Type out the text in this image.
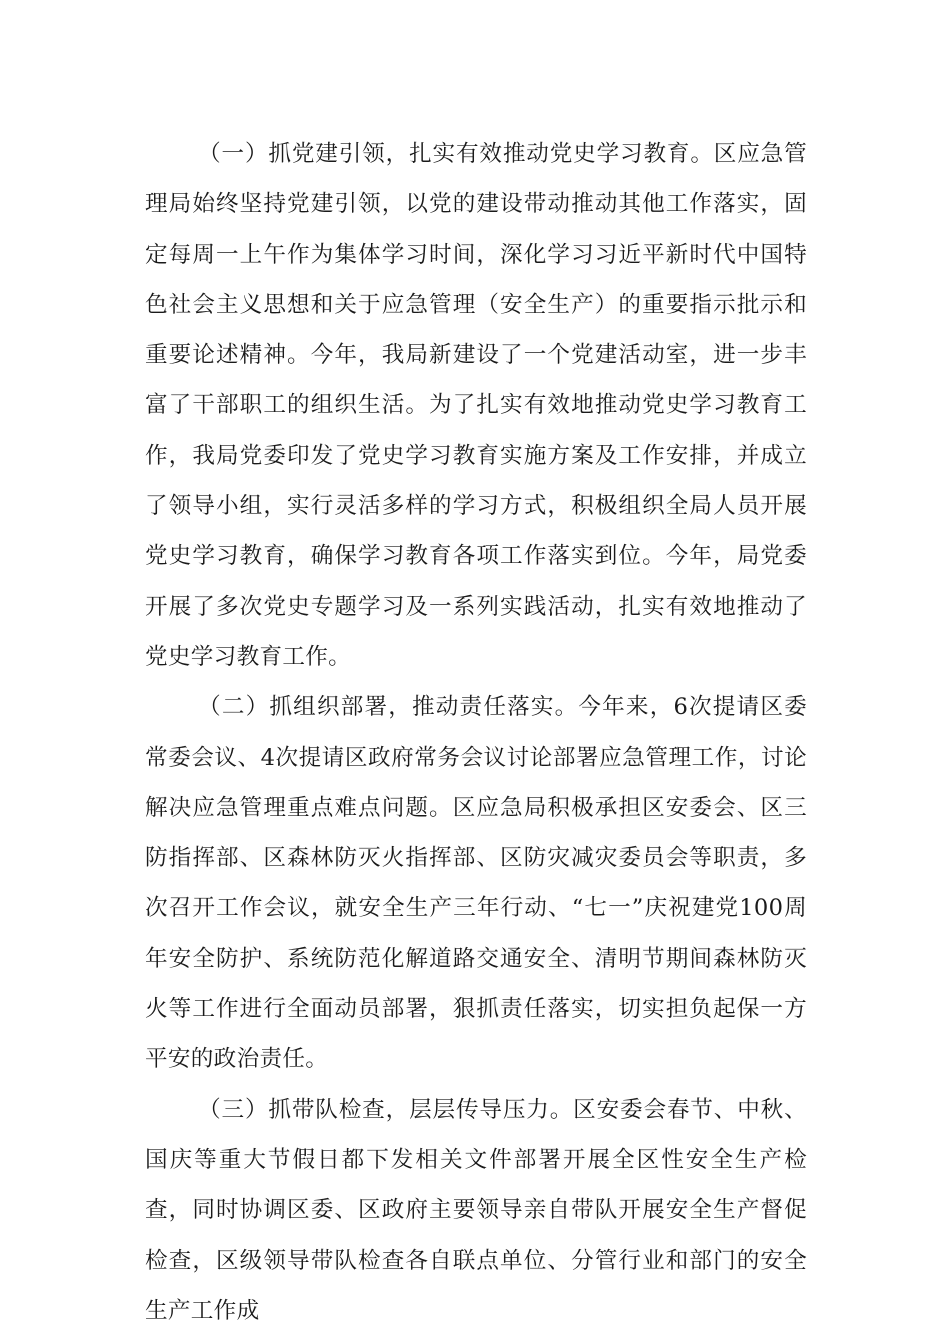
（一）抓党建引领，扎实有效推动党史学习教育。区应急管理局始终坚持党建引领，以党的建设带动推动其他工作落实，固定每周一上午作为集体学习时间，深化学习习近平新时代中国特色社会主义思想和关于应急管理（安全生产）的重要指示批示和重要论述精神。今年，我局新建设了一个党建活动室，进一步丰富了干部职工的组织生活。为了扎实有效地推动党史学习教育工作，我局党委印发了党史学习教育实施方案及工作安排，并成立了领导小组，实行灵活多样的学习方式，积极组织全局人员开展党史学习教育，确保学习教育各项工作落实到位。今年，局党委开展了多次党史专题学习及一系列实践活动，扎实有效地推动了党史学习教育工作。

（二）抓组织部署，推动责任落实。今年来，6次提请区委常委会议、4次提请区政府常务会议讨论部署应急管理工作，讨论解决应急管理重点难点问题。区应急局积极承担区安委会、区三防指挥部、区森林防灭火指挥部、区防灾减灾委员会等职责，多次召开工作会议，就安全生产三年行动、“七一”庆祝建党100周年安全防护、系统防范化解道路交通安全、清明节期间森林防灭火等工作进行全面动员部署，狠抓责任落实，切实担负起保一方平安的政治责任。

（三）抓带队检查，层层传导压力。区安委会春节、中秋、国庆等重大节假日都下发相关文件部署开展全区性安全生产检查，同时协调区委、区政府主要领导亲自带队开展安全生产督促检查，区级领导带队检查各自联点单位、分管行业和部门的安全生产工作成
